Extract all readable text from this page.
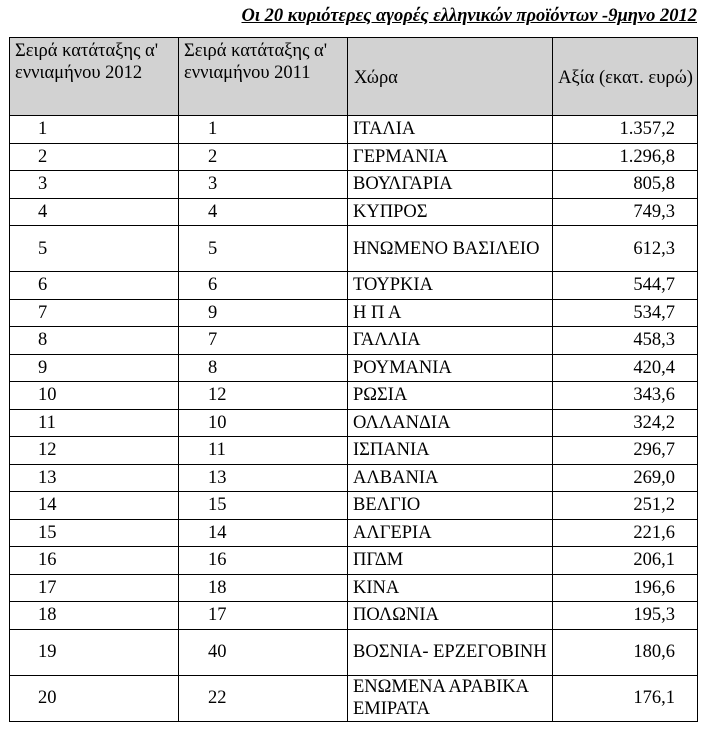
Οι 20 κυριότερες αγορές ελληνικών προϊόντων -9μηνο 2012
Σειρά κατάταξης α' εννιαμήνου 2012	Σειρά κατάταξης α' εννιαμήνου 2011	Χώρα	Αξία (εκατ. ευρώ)
1	1	ΙΤΑΛΙΑ	1.357,2
2	2	ΓΕΡΜΑΝΙΑ	1.296,8
3	3	ΒΟΥΛΓΑΡΙΑ	805,8
4	4	ΚΥΠΡΟΣ	749,3
5	5	ΗΝΩΜΕΝΟ ΒΑΣΙΛΕΙΟ	612,3
6	6	ΤΟΥΡΚΙΑ	544,7
7	9	Η Π Α	534,7
8	7	ΓΑΛΛΙΑ	458,3
9	8	ΡΟΥΜΑΝΙΑ	420,4
10	12	ΡΩΣΙΑ	343,6
11	10	ΟΛΛΑΝΔΙΑ	324,2
12	11	ΙΣΠΑΝΙΑ	296,7
13	13	ΑΛΒΑΝΙΑ	269,0
14	15	ΒΕΛΓΙΟ	251,2
15	14	ΑΛΓΕΡΙΑ	221,6
16	16	ΠΓΔΜ	206,1
17	18	ΚΙΝΑ	196,6
18	17	ΠΟΛΩΝΙΑ	195,3
19	40	ΒΟΣΝΙΑ- ΕΡΖΕΓΟΒΙΝΗ	180,6
20	22	ΕΝΩΜΕΝΑ ΑΡΑΒΙΚΑ ΕΜΙΡΑΤΑ	176,1
